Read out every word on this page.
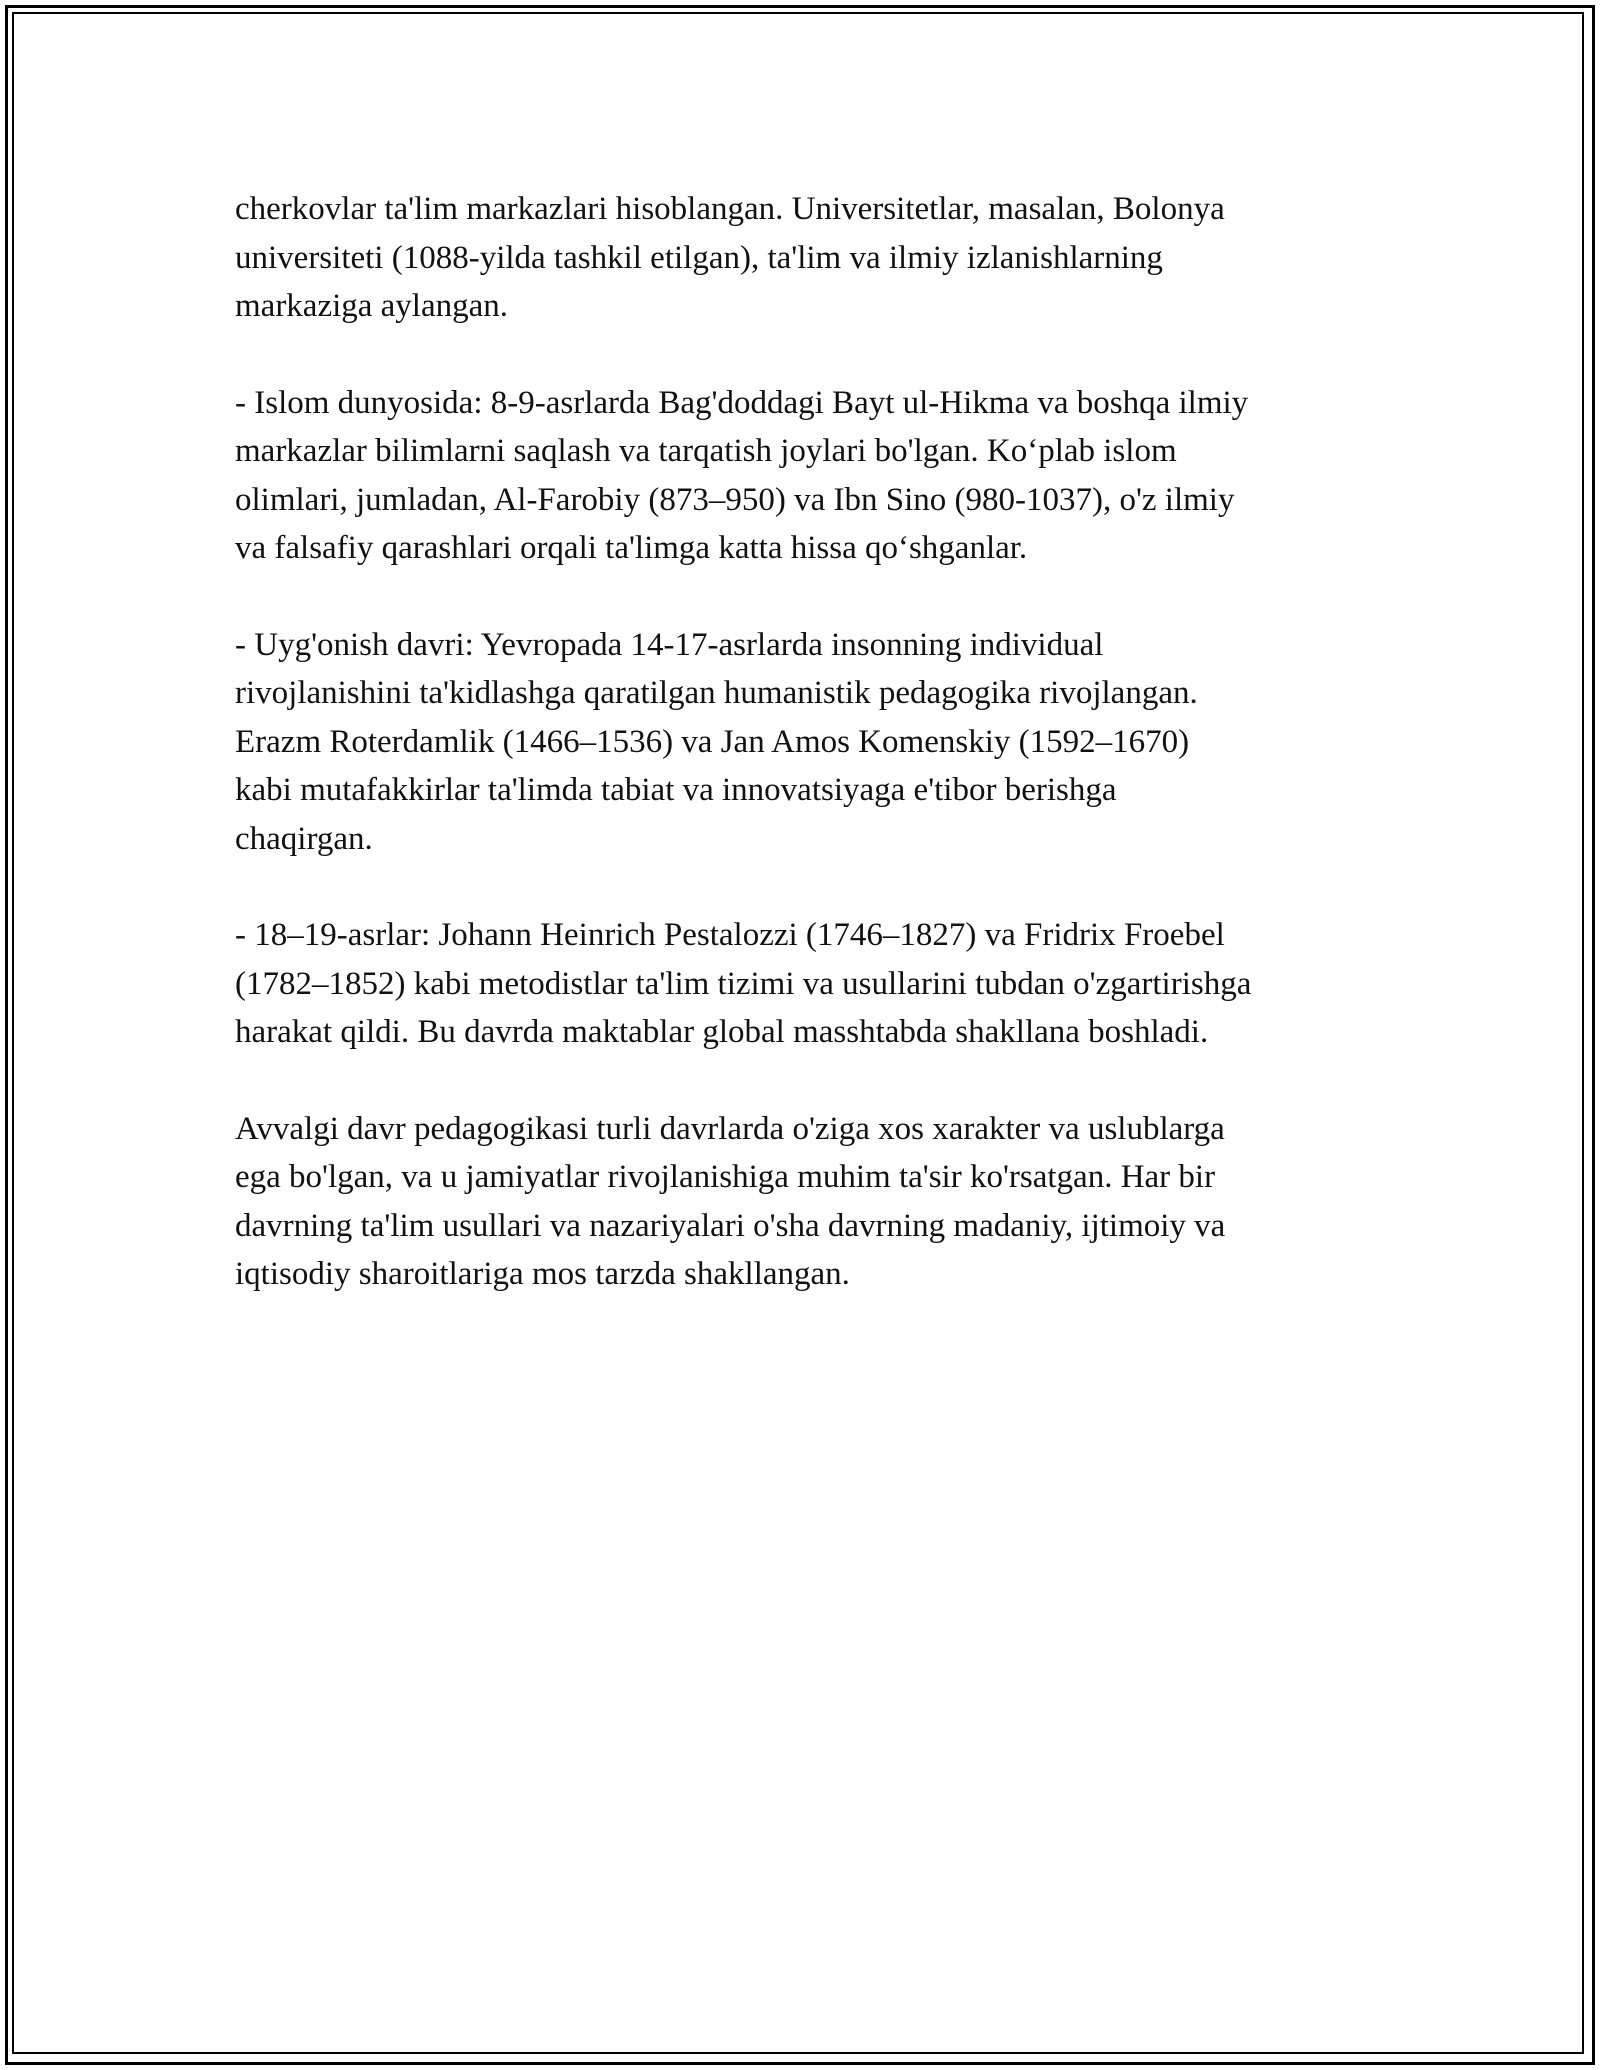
cherkovlar ta'lim markazlari hisoblangan. Universitetlar, masalan, Bolonya
universiteti (1088-yilda tashkil etilgan), ta'lim va ilmiy izlanishlarning
markaziga aylangan.

- Islom dunyosida: 8-9-asrlarda Bag'doddagi Bayt ul-Hikma va boshqa ilmiy
markazlar bilimlarni saqlash va tarqatish joylari bo'lgan. Koʻplab islom
olimlari, jumladan, Al-Farobiy (873–950) va Ibn Sino (980-1037), o'z ilmiy
va falsafiy qarashlari orqali ta'limga katta hissa qoʻshganlar.

- Uyg'onish davri: Yevropada 14-17-asrlarda insonning individual
rivojlanishini ta'kidlashga qaratilgan humanistik pedagogika rivojlangan.
Erazm Roterdamlik (1466–1536) va Jan Amos Komenskiy (1592–1670)
kabi mutafakkirlar ta'limda tabiat va innovatsiyaga e'tibor berishga
chaqirgan.

- 18–19-asrlar: Johann Heinrich Pestalozzi (1746–1827) va Fridrix Froebel
(1782–1852) kabi metodistlar ta'lim tizimi va usullarini tubdan o'zgartirishga
harakat qildi. Bu davrda maktablar global masshtabda shakllana boshladi.

Avvalgi davr pedagogikasi turli davrlarda o'ziga xos xarakter va uslublarga
ega bo'lgan, va u jamiyatlar rivojlanishiga muhim ta'sir ko'rsatgan. Har bir
davrning ta'lim usullari va nazariyalari o'sha davrning madaniy, ijtimoiy va
iqtisodiy sharoitlariga mos tarzda shakllangan.
